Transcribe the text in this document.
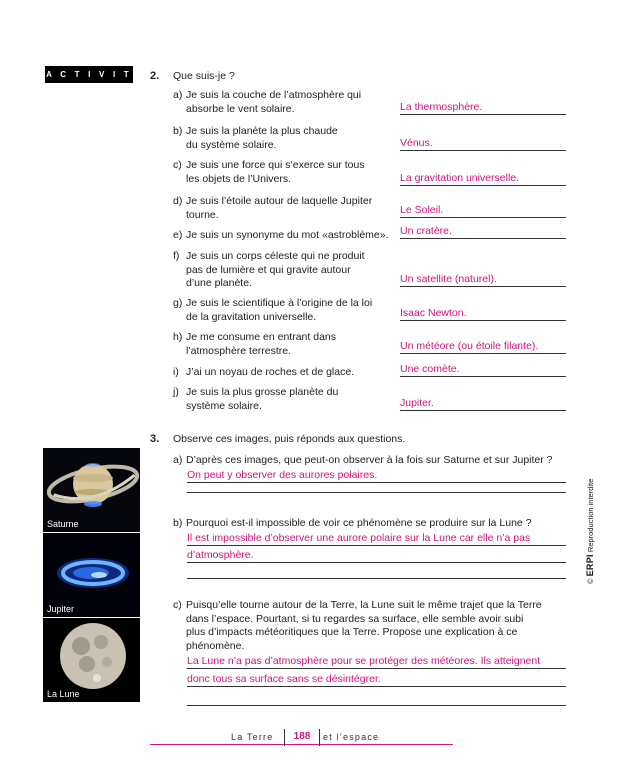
A C T I V I T É S
2. Que suis-je ?
a) Je suis la couche de l’atmosphère qui
absorbe le vent solaire.	La thermosphère.
b) Je suis la planète la plus chaude
du système solaire.	Vénus.
c) Je suis une force qui s’exerce sur tous
les objets de l’Univers.	La gravitation universelle.
d) Je suis l’étoile autour de laquelle Jupiter
tourne.	Le Soleil.
e) Je suis un synonyme du mot «astroblème».	Un cratère.
f) Je suis un corps céleste qui ne produit
pas de lumière et qui gravite autour
d’une planète.	Un satellite (naturel).
g) Je suis le scientifique à l’origine de la loi
de la gravitation universelle.	Isaac Newton.
h) Je me consume en entrant dans
l’atmosphère terrestre.	Un météore (ou étoile filante).
i) J’ai un noyau de roches et de glace.	Une comète.
j) Je suis la plus grosse planète du
système solaire.	Jupiter.
3. Observe ces images, puis réponds aux questions.
a) D’après ces images, que peut-on observer à la fois sur Saturne et sur Jupiter ?
On peut y observer des aurores polaires.
b) Pourquoi est-il impossible de voir ce phénomène se produire sur la Lune ?
Il est impossible d’observer une aurore polaire sur la Lune car elle n’a pas
d’atmosphère.
c) Puisqu’elle tourne autour de la Terre, la Lune suit le même trajet que la Terre
dans l’espace. Pourtant, si tu regardes sa surface, elle semble avoir subi
plus d’impacts météoritiques que la Terre. Propose une explication à ce
phénomène.
La Lune n’a pas d’atmosphère pour se protéger des météores. Ils atteignent
donc tous sa surface sans se désintégrer.
Saturne
Jupiter
La Lune
© ERPI Reproduction interdite
La Terre	188	et l’espace
